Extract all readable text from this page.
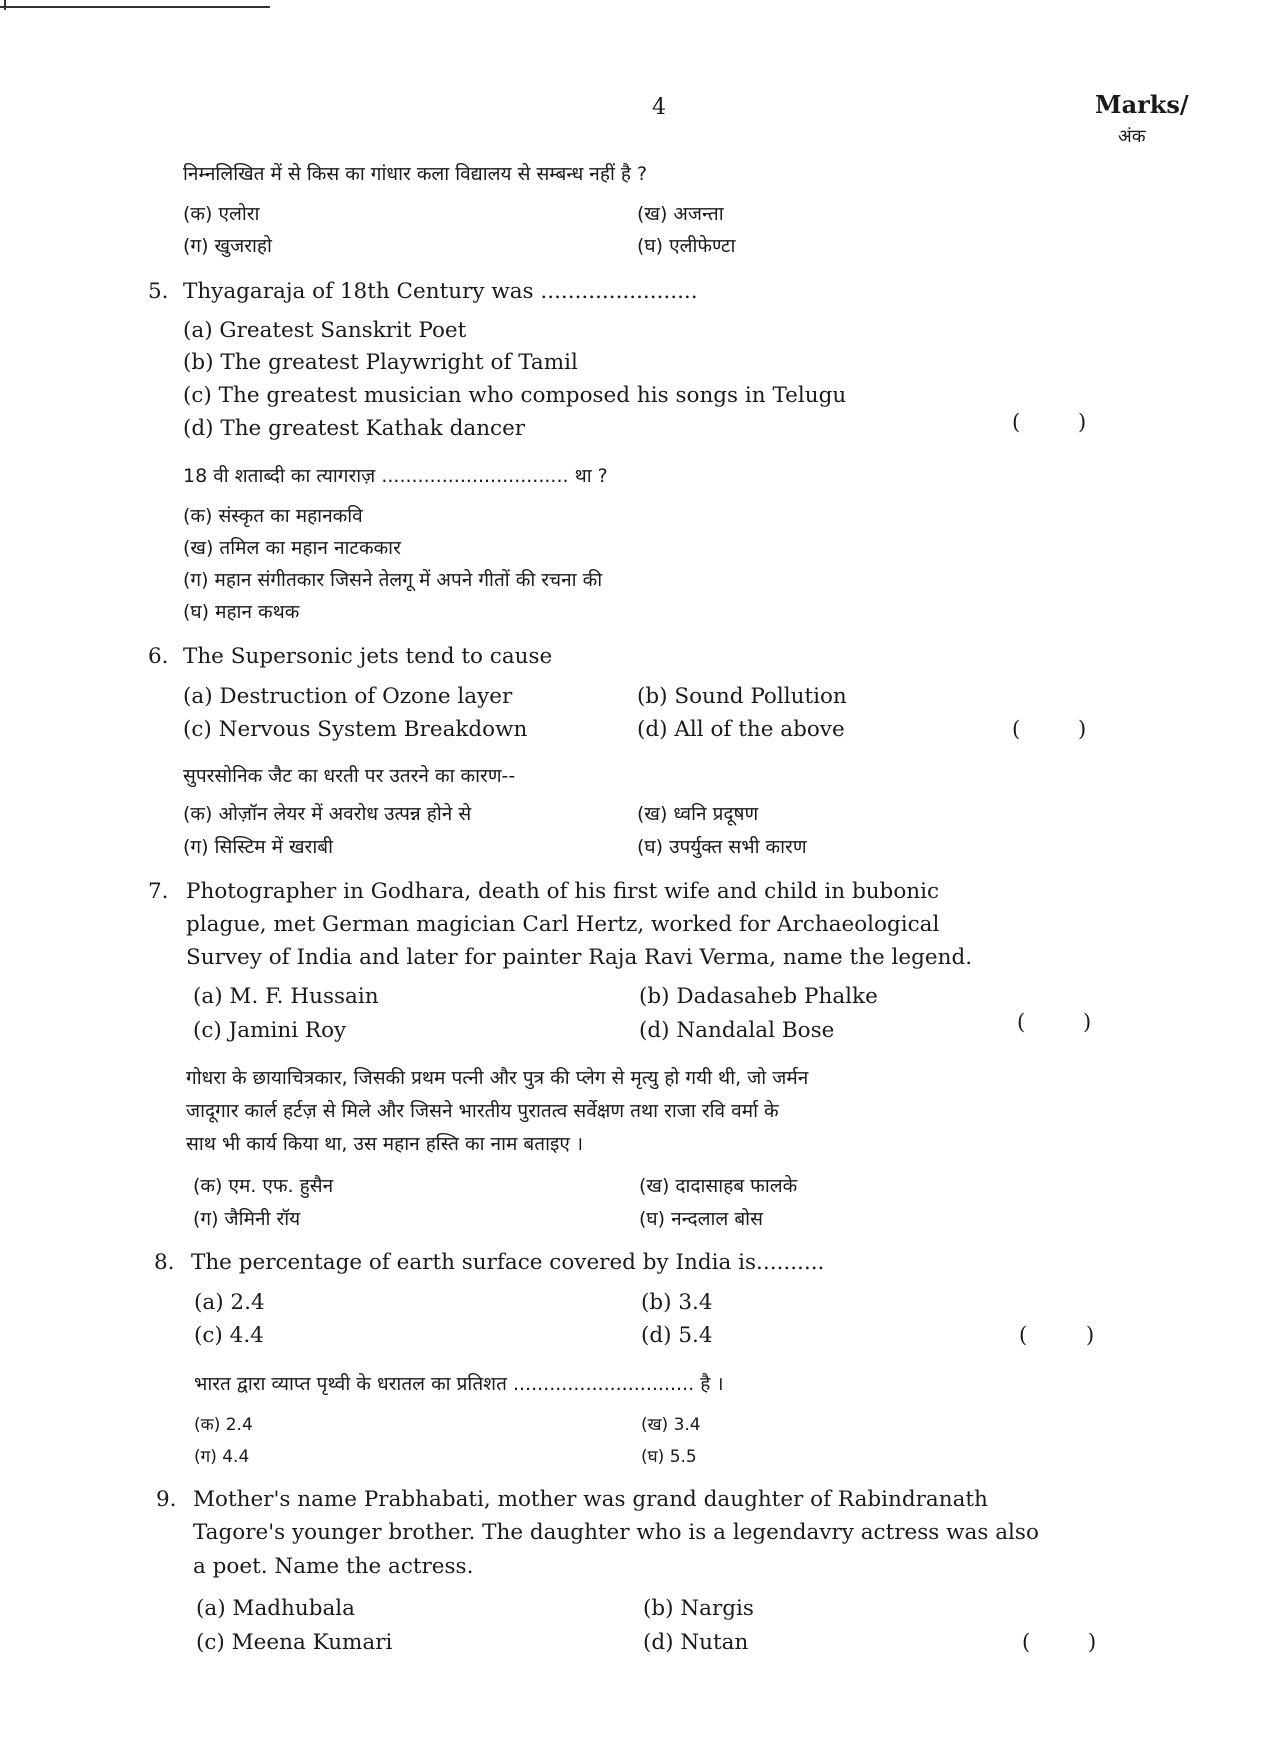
4	Marks/
अंक
निम्नलिखित में से किस का गांधार कला विद्यालय से सम्बन्ध नहीं है ?
(क) एलोरा	(ख) अजन्ता
(ग) खुजराहो	(घ) एलीफेण्टा
5. Thyagaraja of 18th Century was .......................
(a) Greatest Sanskrit Poet
(b) The greatest Playwright of Tamil
(c) The greatest musician who composed his songs in Telugu
(d) The greatest Kathak dancer	(	)
18 वी शताब्दी का त्यागराज़ ............................... था ?
(क) संस्कृत का महानकवि
(ख) तमिल का महान नाटककार
(ग) महान संगीतकार जिसने तेलगू में अपने गीतों की रचना की
(घ) महान कथक
6. The Supersonic jets tend to cause
(a) Destruction of Ozone layer	(b) Sound Pollution
(c) Nervous System Breakdown	(d) All of the above	(	)
सुपरसोनिक जैट का धरती पर उतरने का कारण--
(क) ओज़ॉन लेयर में अवरोध उत्पन्न होने से	(ख) ध्वनि प्रदूषण
(ग) सिस्टिम में खराबी	(घ) उपर्युक्त सभी कारण
7. Photographer in Godhara, death of his first wife and child in bubonic
plague, met German magician Carl Hertz, worked for Archaeological
Survey of India and later for painter Raja Ravi Verma, name the legend.
(a) M. F. Hussain	(b) Dadasaheb Phalke
(c) Jamini Roy	(d) Nandalal Bose	(	)
गोधरा के छायाचित्रकार, जिसकी प्रथम पत्नी और पुत्र की प्लेग से मृत्यु हो गयी थी, जो जर्मन
जादूगार कार्ल हर्टज़ से मिले और जिसने भारतीय पुरातत्व सर्वेक्षण तथा राजा रवि वर्मा के
साथ भी कार्य किया था, उस महान हस्ति का नाम बताइए ।
(क) एम. एफ. हुसैन	(ख) दादासाहब फालके
(ग) जैमिनी रॉय	(घ) नन्दलाल बोस
8. The percentage of earth surface covered by India is..........
(a) 2.4	(b) 3.4
(c) 4.4	(d) 5.4	(	)
भारत द्वारा व्याप्त पृथ्वी के धरातल का प्रतिशत .............................. है ।
(क) 2.4	(ख) 3.4
(ग) 4.4	(घ) 5.5
9. Mother's name Prabhabati, mother was grand daughter of Rabindranath
Tagore's younger brother. The daughter who is a legendavry actress was also
a poet. Name the actress.
(a) Madhubala	(b) Nargis
(c) Meena Kumari	(d) Nutan	(	)
